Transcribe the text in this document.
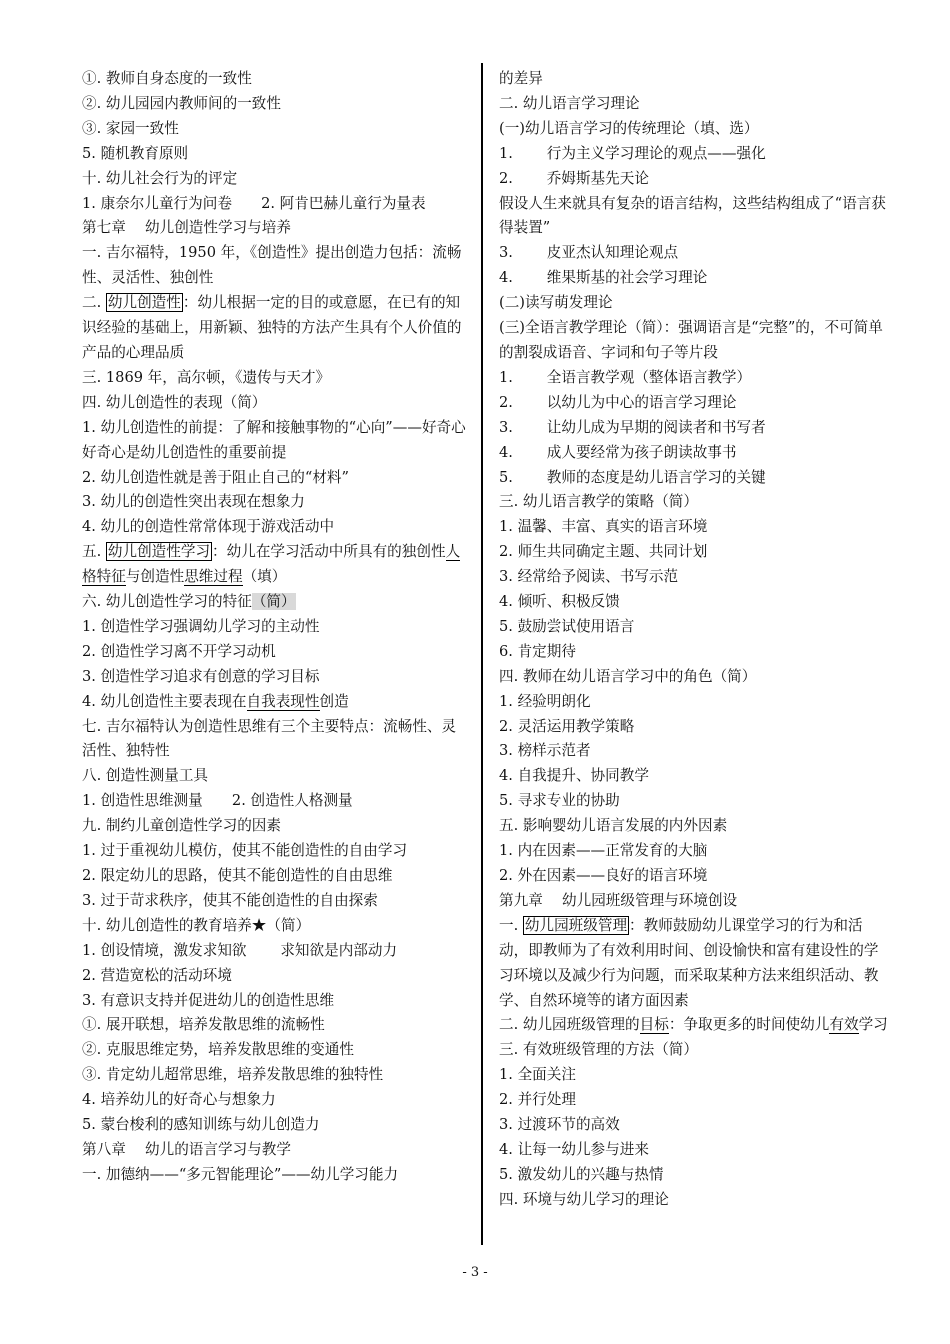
①. 教师自身态度的一致性
②. 幼儿园园内教师间的一致性
③. 家园一致性
5. 随机教育原则
十. 幼儿社会行为的评定
1. 康奈尔儿童行为问卷　　2. 阿肯巴赫儿童行为量表
第七章　 幼儿创造性学习与培养
一. 吉尔福特，1950 年，《创造性》提出创造力包括：流畅性、灵活性、独创性
二. 幼儿创造性 ：幼儿根据一定的目的或意愿，在已有的知识经验的基础上，用新颖、独特的方法产生具有个人价值的产品的心理品质
三. 1869 年，高尔顿，《遗传与天才》
四. 幼儿创造性的表现（简）
1. 幼儿创造性的前提：了解和接触事物的“心向”——好奇心
好奇心是幼儿创造性的重要前提
2. 幼儿创造性就是善于阻止自己的“材料”
3. 幼儿的创造性突出表现在想象力
4. 幼儿的创造性常常体现于游戏活动中
五. 幼儿创造性学习 ：幼儿在学习活动中所具有的独创性人格特征与创造性思维过程（填）
六. 幼儿创造性学习的特征（简）
1. 创造性学习强调幼儿学习的主动性
2. 创造性学习离不开学习动机
3. 创造性学习追求有创意的学习目标
4. 幼儿创造性主要表现在自我表现性创造
七. 吉尔福特认为创造性思维有三个主要特点：流畅性、灵活性、独特性
八. 创造性测量工具
1. 创造性思维测量　　2. 创造性人格测量
九. 制约儿童创造性学习的因素
1. 过于重视幼儿模仿，使其不能创造性的自由学习
2. 限定幼儿的思路，使其不能创造性的自由思维
3. 过于苛求秩序，使其不能创造性的自由探索
十. 幼儿创造性的教育培养★（简）
1. 创设情境，激发求知欲　　 求知欲是内部动力
2. 营造宽松的活动环境
3. 有意识支持并促进幼儿的创造性思维
①. 展开联想，培养发散思维的流畅性
②. 克服思维定势，培养发散思维的变通性
③. 肯定幼儿超常思维，培养发散思维的独特性
4. 培养幼儿的好奇心与想象力
5. 蒙台梭利的感知训练与幼儿创造力
第八章　 幼儿的语言学习与教学
一. 加德纳——“多元智能理论”——幼儿学习能力
的差异
二. 幼儿语言学习理论
(一)幼儿语言学习的传统理论（填、选）
1.　　 行为主义学习理论的观点——强化
2.　　 乔姆斯基先天论
假设人生来就具有复杂的语言结构，这些结构组成了“语言获得装置”
3.　　 皮亚杰认知理论观点
4.　　 维果斯基的社会学习理论
(二)读写萌发理论
(三)全语言教学理论（简）：强调语言是“完整”的，不可简单的割裂成语音、字词和句子等片段
1.　　 全语言教学观（整体语言教学）
2.　　 以幼儿为中心的语言学习理论
3.　　 让幼儿成为早期的阅读者和书写者
4.　　 成人要经常为孩子朗读故事书
5.　　 教师的态度是幼儿语言学习的关键
三. 幼儿语言教学的策略（简）
1. 温馨、丰富、真实的语言环境
2. 师生共同确定主题、共同计划
3. 经常给予阅读、书写示范
4. 倾听、积极反馈
5. 鼓励尝试使用语言
6. 肯定期待
四. 教师在幼儿语言学习中的角色（简）
1. 经验明朗化
2. 灵活运用教学策略
3. 榜样示范者
4. 自我提升、协同教学
5. 寻求专业的协助
五. 影响婴幼儿语言发展的内外因素
1. 内在因素——正常发育的大脑
2. 外在因素——良好的语言环境
第九章　 幼儿园班级管理与环境创设
一. 幼儿园班级管理 ：教师鼓励幼儿课堂学习的行为和活动，即教师为了有效利用时间、创设愉快和富有建设性的学习环境以及减少行为问题，而采取某种方法来组织活动、教学、自然环境等的诸方面因素
二. 幼儿园班级管理的目标：争取更多的时间使幼儿有效学习
三. 有效班级管理的方法（简）
1. 全面关注
2. 并行处理
3. 过渡环节的高效
4. 让每一幼儿参与进来
5. 激发幼儿的兴趣与热情
四. 环境与幼儿学习的理论
- 3 -
